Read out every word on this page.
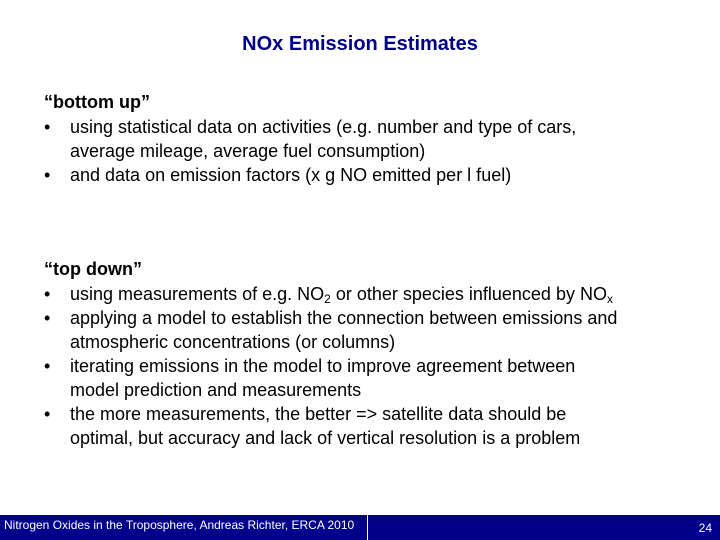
NOx Emission Estimates
“bottom up”
•	using statistical data on activities (e.g. number and type of cars,
average mileage, average fuel consumption)
•	and data on emission factors (x g NO emitted per l fuel)
“top down”
•	using measurements of e.g. $NO_2$ or other species influenced by $NO_x$
•	applying a model to establish the connection between emissions and
atmospheric concentrations (or columns)
•	iterating emissions in the model to improve agreement between
model prediction and measurements
•	the more measurements, the better => satellite data should be
optimal, but accuracy and lack of vertical resolution is a problem
Nitrogen Oxides in the Troposphere, Andreas Richter, ERCA 2010	24
